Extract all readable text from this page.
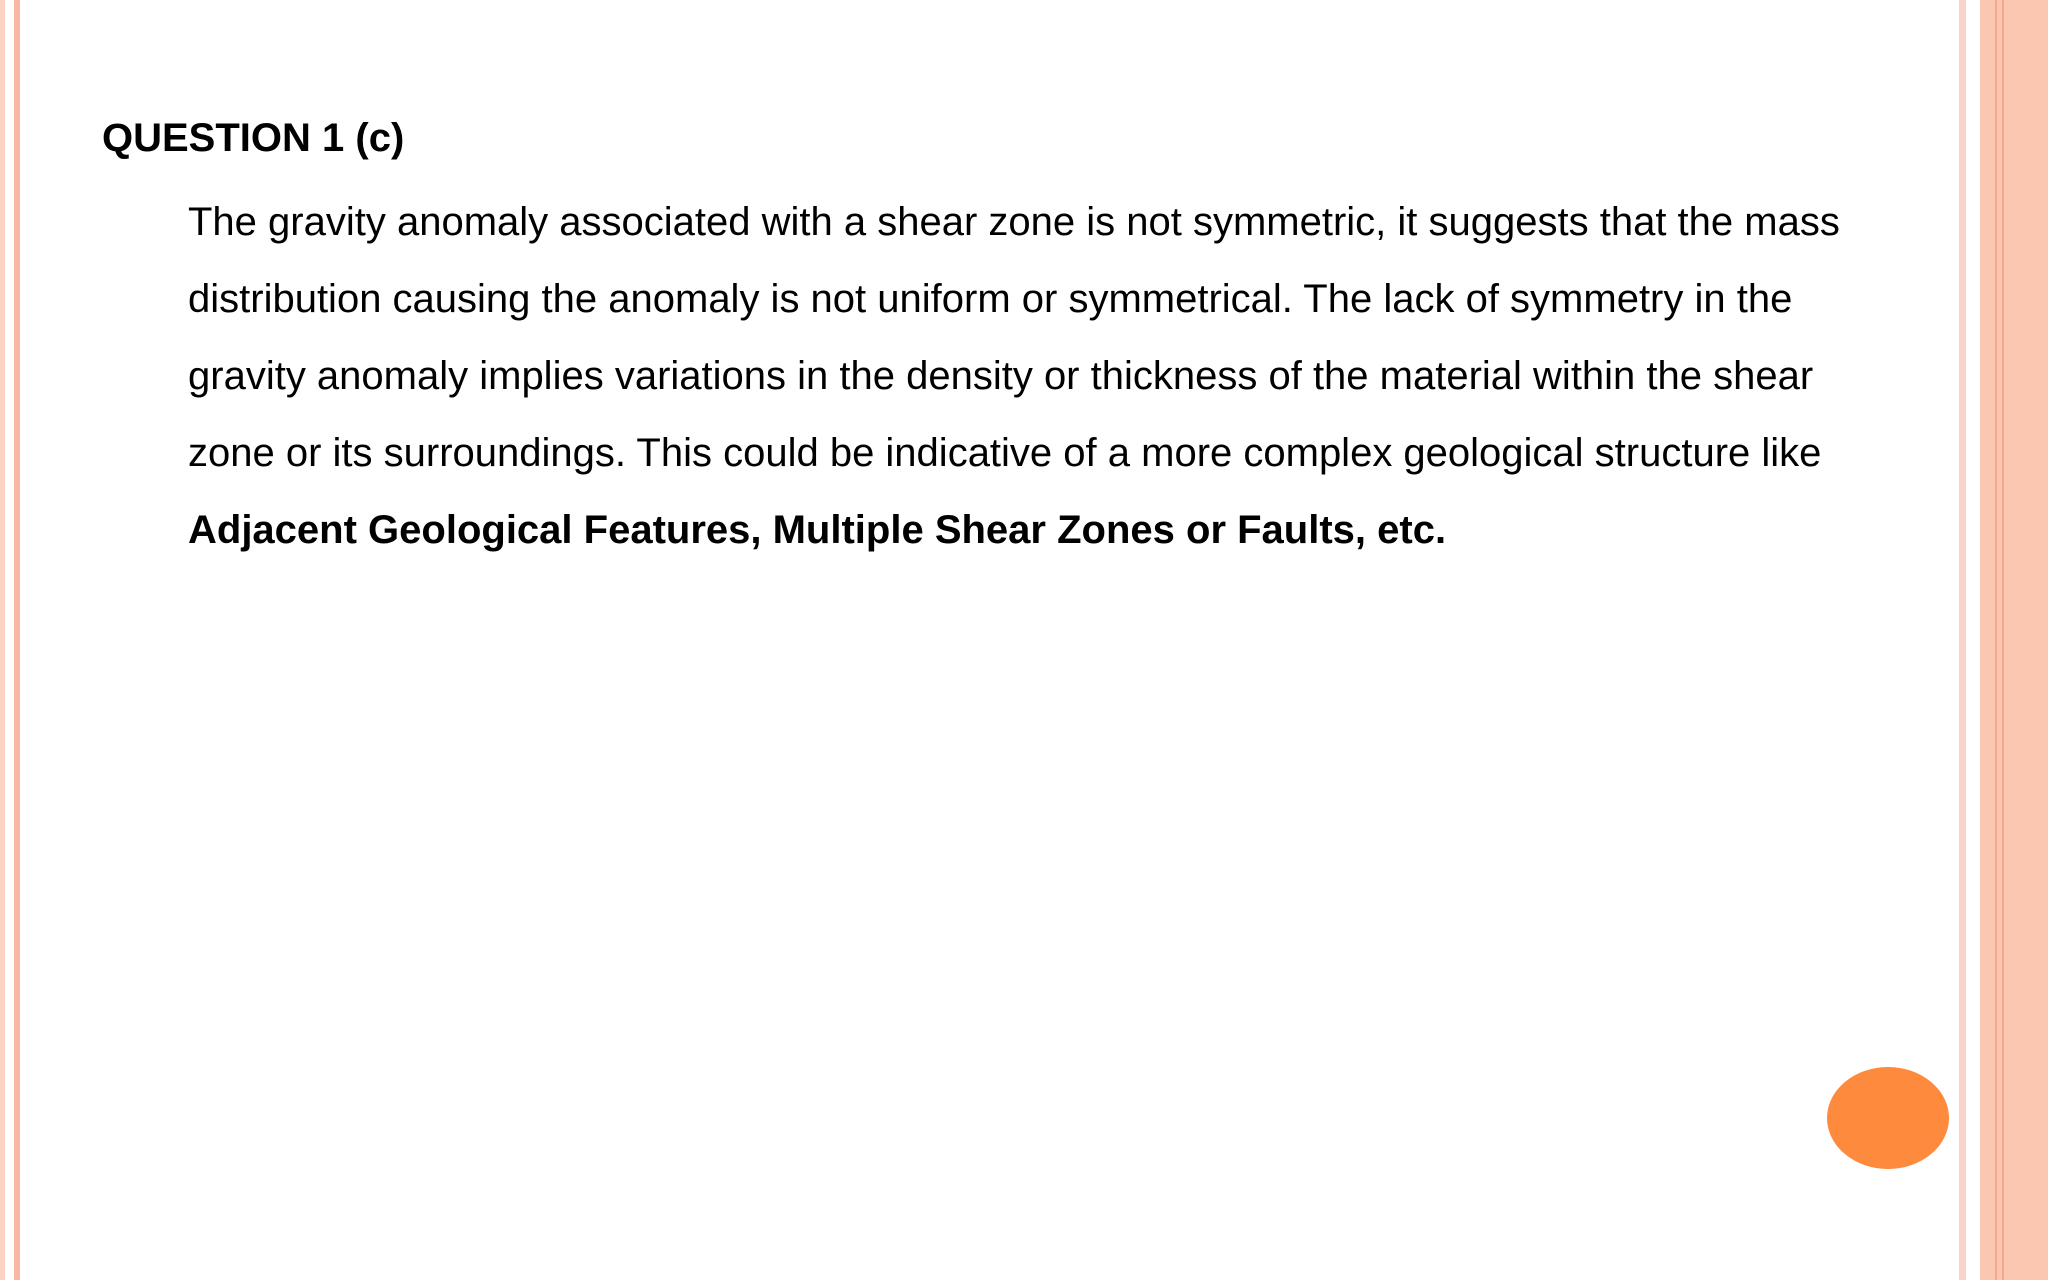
QUESTION 1 (c)
The gravity anomaly associated with a shear zone is not symmetric, it suggests that the mass
distribution causing the anomaly is not uniform or symmetrical. The lack of symmetry in the
gravity anomaly implies variations in the density or thickness of the material within the shear
zone or its surroundings. This could be indicative of a more complex geological structure like
Adjacent Geological Features, Multiple Shear Zones or Faults, etc.
